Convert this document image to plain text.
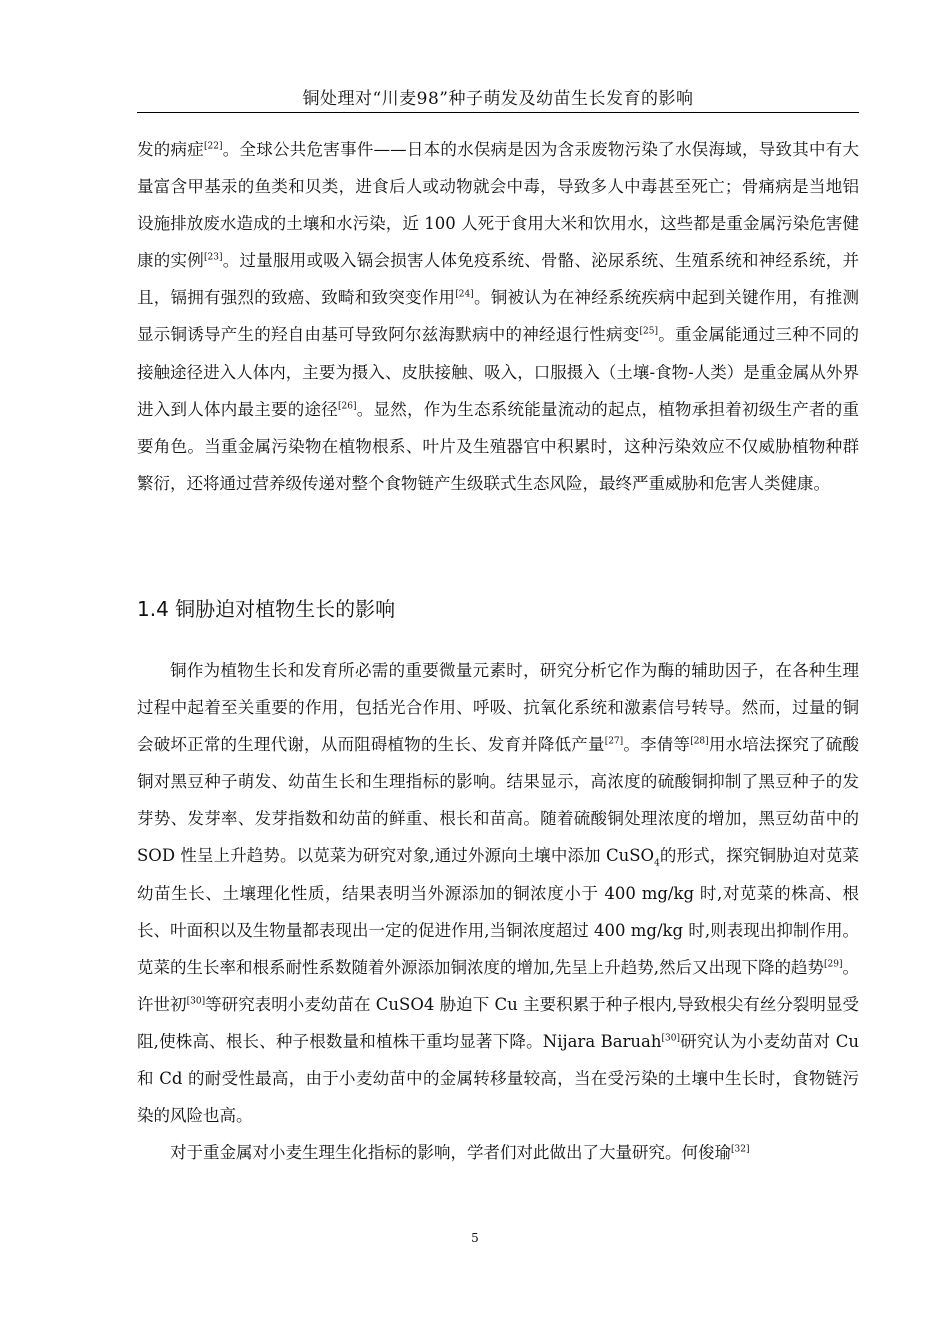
铜处理对“川麦98”种子萌发及幼苗生长发育的影响

发的病症[22]。全球公共危害事件——日本的水俣病是因为含汞废物污染了水俣海域，导致其中有大量富含甲基汞的鱼类和贝类，进食后人或动物就会中毒，导致多人中毒甚至死亡；骨痛病是当地铝设施排放废水造成的土壤和水污染，近 100 人死于食用大米和饮用水，这些都是重金属污染危害健康的实例[23]。过量服用或吸入镉会损害人体免疫系统、骨骼、泌尿系统、生殖系统和神经系统，并且，镉拥有强烈的致癌、致畸和致突变作用[24]。铜被认为在神经系统疾病中起到关键作用，有推测显示铜诱导产生的羟自由基可导致阿尔兹海默病中的神经退行性病变[25]。重金属能通过三种不同的接触途径进入人体内，主要为摄入、皮肤接触、吸入，口服摄入（土壤-食物-人类）是重金属从外界进入到人体内最主要的途径[26]。显然，作为生态系统能量流动的起点，植物承担着初级生产者的重要角色。当重金属污染物在植物根系、叶片及生殖器官中积累时，这种污染效应不仅威胁植物种群繁衍，还将通过营养级传递对整个食物链产生级联式生态风险，最终严重威胁和危害人类健康。

1.4 铜胁迫对植物生长的影响

铜作为植物生长和发育所必需的重要微量元素时，研究分析它作为酶的辅助因子，在各种生理过程中起着至关重要的作用，包括光合作用、呼吸、抗氧化系统和激素信号转导。然而，过量的铜会破坏正常的生理代谢，从而阻碍植物的生长、发育并降低产量[27]。李倩等[28]用水培法探究了硫酸铜对黑豆种子萌发、幼苗生长和生理指标的影响。结果显示，高浓度的硫酸铜抑制了黑豆种子的发芽势、发芽率、发芽指数和幼苗的鲜重、根长和苗高。随着硫酸铜处理浓度的增加，黑豆幼苗中的 SOD 性呈上升趋势。以苋菜为研究对象,通过外源向土壤中添加 CuSO$_4$的形式，探究铜胁迫对苋菜幼苗生长、土壤理化性质，结果表明当外源添加的铜浓度小于 400 mg/kg 时,对苋菜的株高、根长、叶面积以及生物量都表现出一定的促进作用,当铜浓度超过 400 mg/kg 时,则表现出抑制作用。苋菜的生长率和根系耐性系数随着外源添加铜浓度的增加,先呈上升趋势,然后又出现下降的趋势[29]。许世初[30]等研究表明小麦幼苗在 CuSO4 胁迫下 Cu 主要积累于种子根内,导致根尖有丝分裂明显受阻,使株高、根长、种子根数量和植株干重均显著下降。Nijara Baruah[30]研究认为小麦幼苗对 Cu 和 Cd 的耐受性最高，由于小麦幼苗中的金属转移量较高，当在受污染的土壤中生长时，食物链污染的风险也高。

对于重金属对小麦生理生化指标的影响，学者们对此做出了大量研究。何俊瑜[32]

5
